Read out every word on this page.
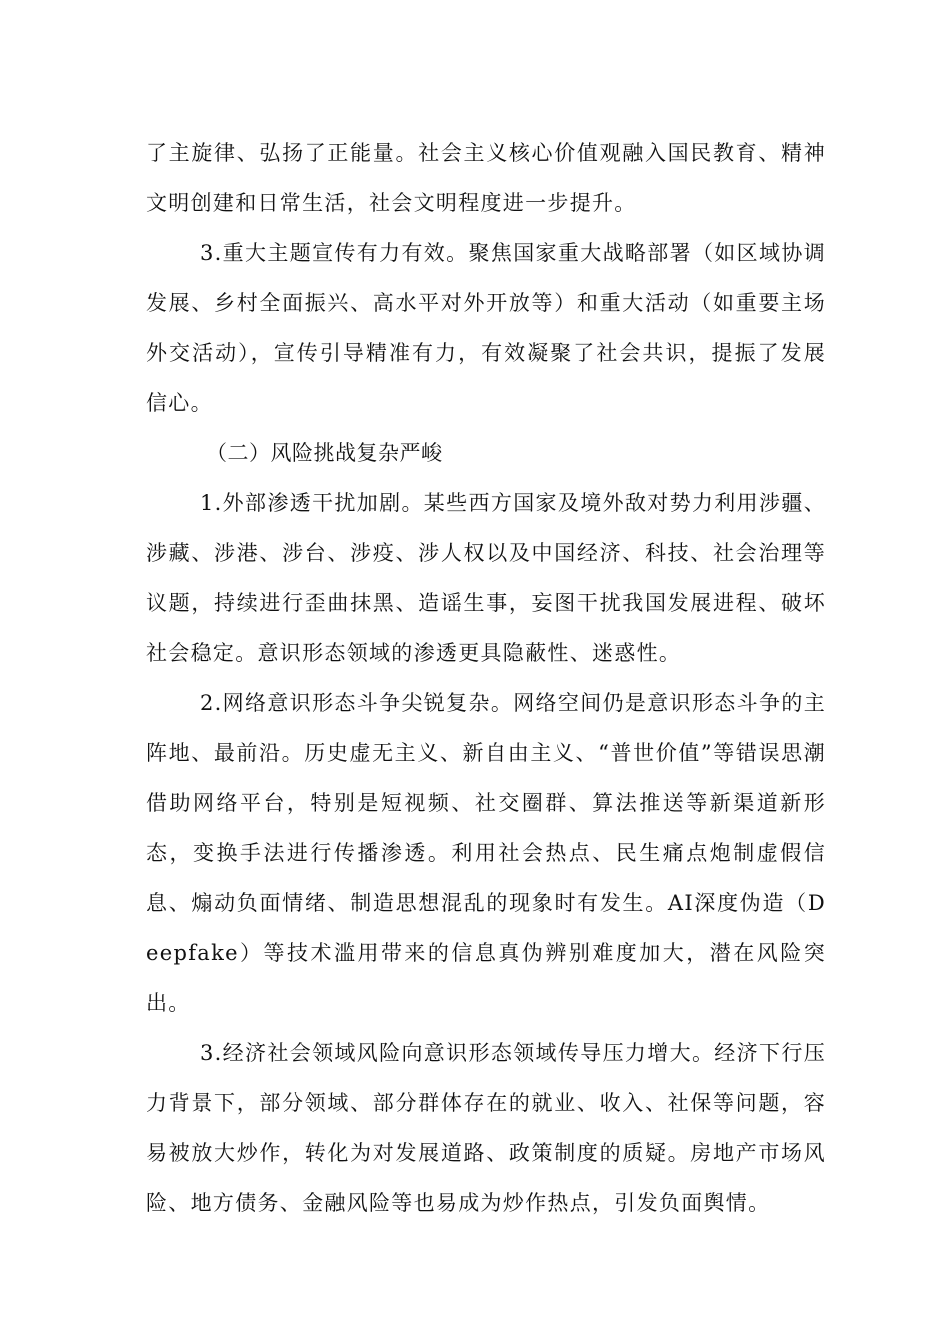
了主旋律、弘扬了正能量。社会主义核心价值观融入国民教育、精神文明创建和日常生活，社会文明程度进一步提升。

3.重大主题宣传有力有效。聚焦国家重大战略部署（如区域协调发展、乡村全面振兴、高水平对外开放等）和重大活动（如重要主场外交活动），宣传引导精准有力，有效凝聚了社会共识，提振了发展信心。

（二）风险挑战复杂严峻

1.外部渗透干扰加剧。某些西方国家及境外敌对势力利用涉疆、涉藏、涉港、涉台、涉疫、涉人权以及中国经济、科技、社会治理等议题，持续进行歪曲抹黑、造谣生事，妄图干扰我国发展进程、破坏社会稳定。意识形态领域的渗透更具隐蔽性、迷惑性。

2.网络意识形态斗争尖锐复杂。网络空间仍是意识形态斗争的主阵地、最前沿。历史虚无主义、新自由主义、“普世价值”等错误思潮借助网络平台，特别是短视频、社交圈群、算法推送等新渠道新形态，变换手法进行传播渗透。利用社会热点、民生痛点炮制虚假信息、煽动负面情绪、制造思想混乱的现象时有发生。AI深度伪造（Deepfake）等技术滥用带来的信息真伪辨别难度加大，潜在风险突出。

3.经济社会领域风险向意识形态领域传导压力增大。经济下行压力背景下，部分领域、部分群体存在的就业、收入、社保等问题，容易被放大炒作，转化为对发展道路、政策制度的质疑。房地产市场风险、地方债务、金融风险等也易成为炒作热点，引发负面舆情。
